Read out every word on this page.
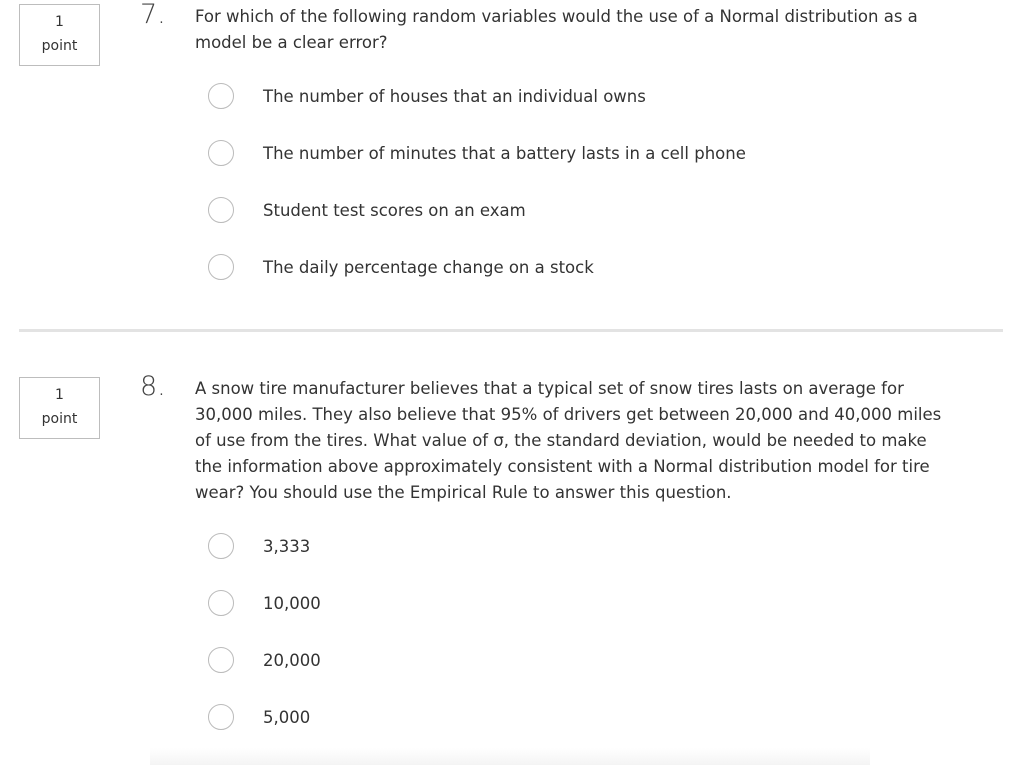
1
point
7. For which of the following random variables would the use of a Normal distribution as a model be a clear error?
The number of houses that an individual owns
The number of minutes that a battery lasts in a cell phone
Student test scores on an exam
The daily percentage change on a stock
1
point
8. A snow tire manufacturer believes that a typical set of snow tires lasts on average for 30,000 miles. They also believe that 95% of drivers get between 20,000 and 40,000 miles of use from the tires. What value of σ, the standard deviation, would be needed to make the information above approximately consistent with a Normal distribution model for tire wear? You should use the Empirical Rule to answer this question.
3,333
10,000
20,000
5,000
